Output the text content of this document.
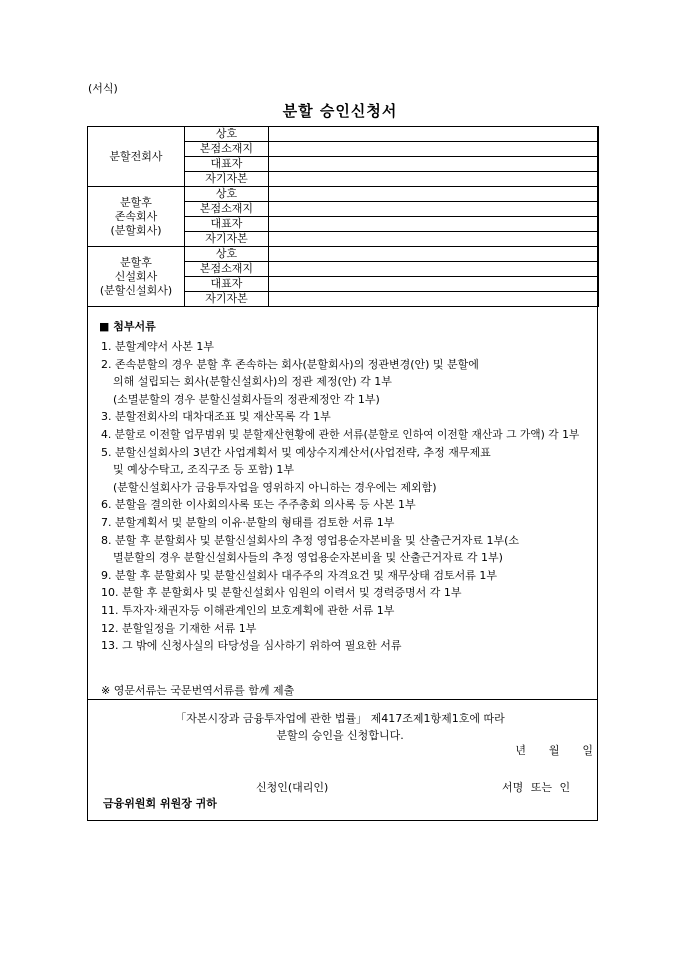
(서식)
분할 승인신청서
분할전회사	상호	
	본점소재지	
	대표자	
	자기자본	

분할후
존속회사
(분할회사)	상호	
	본점소재지	
	대표자	
	자기자본	

분할후
신설회사
(분할신설회사)	상호	
	본점소재지	
	대표자	
	자기자본	
■ 첨부서류
1. 분할계약서 사본 1부
2. 존속분할의 경우 분할 후 존속하는 회사(분할회사)의 정관변경(안) 및 분할에
의해 설립되는 회사(분할신설회사)의 정관 제정(안) 각 1부
(소멸분할의 경우 분할신설회사들의 정관제정안 각 1부)
3. 분할전회사의 대차대조표 및 재산목록 각 1부
4. 분할로 이전할 업무범위 및 분할재산현황에 관한 서류(분할로 인하여 이전할 재산과 그 가액) 각 1부
5. 분할신설회사의 3년간 사업계획서 및 예상수지계산서(사업전략, 추정 재무제표
및 예상수탁고, 조직구조 등 포함) 1부
(분할신설회사가 금융투자업을 영위하지 아니하는 경우에는 제외함)
6. 분할을 결의한 이사회의사록 또는 주주총회 의사록 등 사본 1부
7. 분할계획서 및 분할의 이유·분할의 형태를 검토한 서류 1부
8. 분할 후 분할회사 및 분할신설회사의 추정 영업용순자본비율 및 산출근거자료 1부(소
멸분할의 경우 분할신설회사들의 추정 영업용순자본비율 및 산출근거자료 각 1부)
9. 분할 후 분할회사 및 분할신설회사 대주주의 자격요건 및 재무상태 검토서류 1부
10. 분할 후 분할회사 및 분할신설회사 임원의 이력서 및 경력증명서 각 1부
11. 투자자·채권자등 이해관계인의 보호계획에 관한 서류 1부
12. 분할일정을 기재한 서류 1부
13. 그 밖에 신청사실의 타당성을 심사하기 위하여 필요한 서류
※ 영문서류는 국문번역서류를 함께 제출
「자본시장과 금융투자업에 관한 법률」 제417조제1항제1호에 따라
분할의 승인을 신청합니다.
년 월 일
신청인(대리인)	서명 또는 인
금융위원회 위원장 귀하
